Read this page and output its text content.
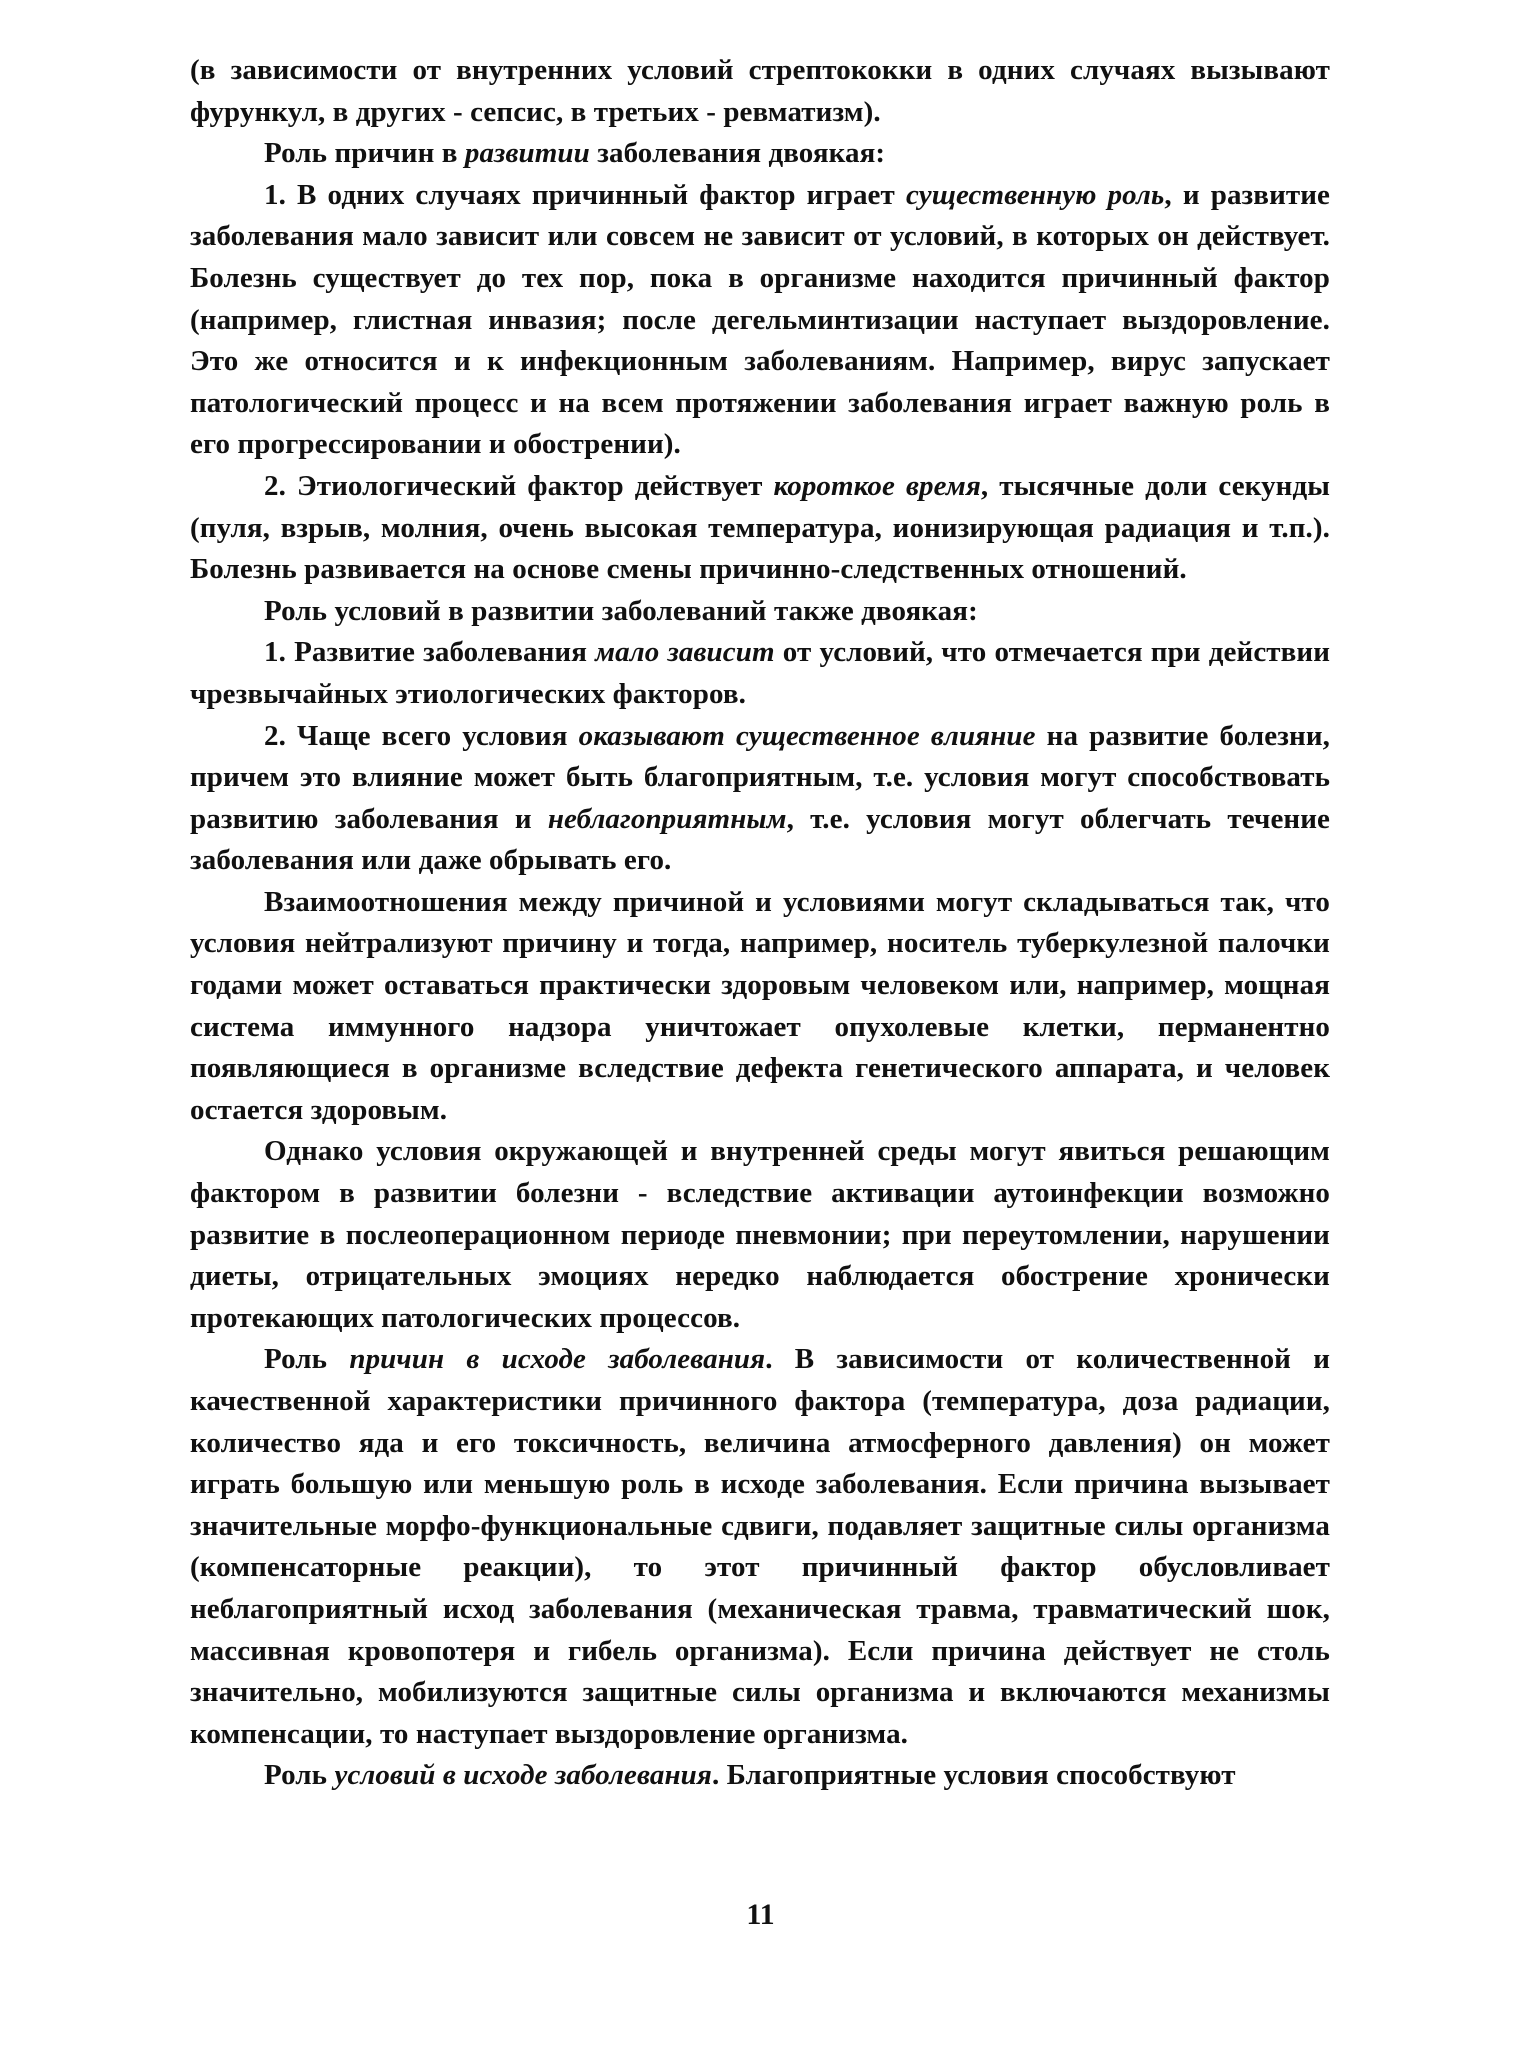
(в зависимости от внутренних условий стрептококки в одних случаях вызывают фурункул, в других - сепсис, в третьих - ревматизм).

Роль причин в развитии заболевания двоякая:

1. В одних случаях причинный фактор играет существенную роль, и развитие заболевания мало зависит или совсем не зависит от условий, в которых он действует. Болезнь существует до тех пор, пока в организме находится причинный фактор (например, глистная инвазия; после дегельминтизации наступает выздоровление. Это же относится и к инфекционным заболеваниям. Например, вирус запускает патологический процесс и на всем протяжении заболевания играет важную роль в его прогрессировании и обострении).

2. Этиологический фактор действует короткое время, тысячные доли секунды (пуля, взрыв, молния, очень высокая температура, ионизирующая радиация и т.п.). Болезнь развивается на основе смены причинно-следственных отношений.

Роль условий в развитии заболеваний также двоякая:

1. Развитие заболевания мало зависит от условий, что отмечается при действии чрезвычайных этиологических факторов.

2. Чаще всего условия оказывают существенное влияние на развитие болезни, причем это влияние может быть благоприятным, т.е. условия могут способствовать развитию заболевания и неблагоприятным, т.е. условия могут облегчать течение заболевания или даже обрывать его.

Взаимоотношения между причиной и условиями могут складываться так, что условия нейтрализуют причину и тогда, например, носитель туберкулезной палочки годами может оставаться практически здоровым человеком или, например, мощная система иммунного надзора уничтожает опухолевые клетки, перманентно появляющиеся в организме вследствие дефекта генетического аппарата, и человек остается здоровым.

Однако условия окружающей и внутренней среды могут явиться решающим фактором в развитии болезни - вследствие активации аутоинфекции возможно развитие в послеоперационном периоде пневмонии; при переутомлении, нарушении диеты, отрицательных эмоциях нередко наблюдается обострение хронически протекающих патологических процессов.

Роль причин в исходе заболевания. В зависимости от количественной и качественной характеристики причинного фактора (температура, доза радиации, количество яда и его токсичность, величина атмосферного давления) он может играть большую или меньшую роль в исходе заболевания. Если причина вызывает значительные морфо-функциональные сдвиги, подавляет защитные силы организма (компенсаторные реакции), то этот причинный фактор обусловливает неблагоприятный исход заболевания (механическая травма, травматический шок, массивная кровопотеря и гибель организма). Если причина действует не столь значительно, мобилизуются защитные силы организма и включаются механизмы компенсации, то наступает выздоровление организма.

Роль условий в исходе заболевания. Благоприятные условия способствуют

11
